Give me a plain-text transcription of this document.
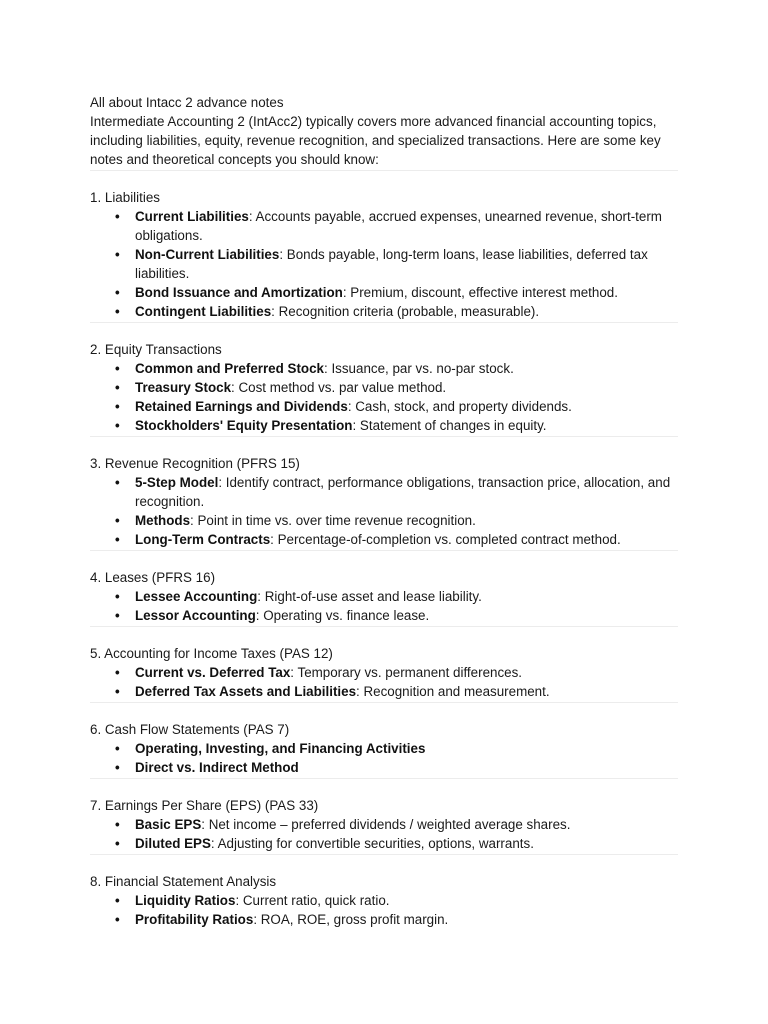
All about Intacc 2 advance notes

Intermediate Accounting 2 (IntAcc2) typically covers more advanced financial accounting topics, including liabilities, equity, revenue recognition, and specialized transactions. Here are some key notes and theoretical concepts you should know:

1. Liabilities

• Current Liabilities: Accounts payable, accrued expenses, unearned revenue, short-term obligations.
• Non-Current Liabilities: Bonds payable, long-term loans, lease liabilities, deferred tax liabilities.
• Bond Issuance and Amortization: Premium, discount, effective interest method.
• Contingent Liabilities: Recognition criteria (probable, measurable).

2. Equity Transactions

• Common and Preferred Stock: Issuance, par vs. no-par stock.
• Treasury Stock: Cost method vs. par value method.
• Retained Earnings and Dividends: Cash, stock, and property dividends.
• Stockholders' Equity Presentation: Statement of changes in equity.

3. Revenue Recognition (PFRS 15)

• 5-Step Model: Identify contract, performance obligations, transaction price, allocation, and recognition.
• Methods: Point in time vs. over time revenue recognition.
• Long-Term Contracts: Percentage-of-completion vs. completed contract method.

4. Leases (PFRS 16)

• Lessee Accounting: Right-of-use asset and lease liability.
• Lessor Accounting: Operating vs. finance lease.

5. Accounting for Income Taxes (PAS 12)

• Current vs. Deferred Tax: Temporary vs. permanent differences.
• Deferred Tax Assets and Liabilities: Recognition and measurement.

6. Cash Flow Statements (PAS 7)

• Operating, Investing, and Financing Activities
• Direct vs. Indirect Method

7. Earnings Per Share (EPS) (PAS 33)

• Basic EPS: Net income – preferred dividends / weighted average shares.
• Diluted EPS: Adjusting for convertible securities, options, warrants.

8. Financial Statement Analysis

• Liquidity Ratios: Current ratio, quick ratio.
• Profitability Ratios: ROA, ROE, gross profit margin.
